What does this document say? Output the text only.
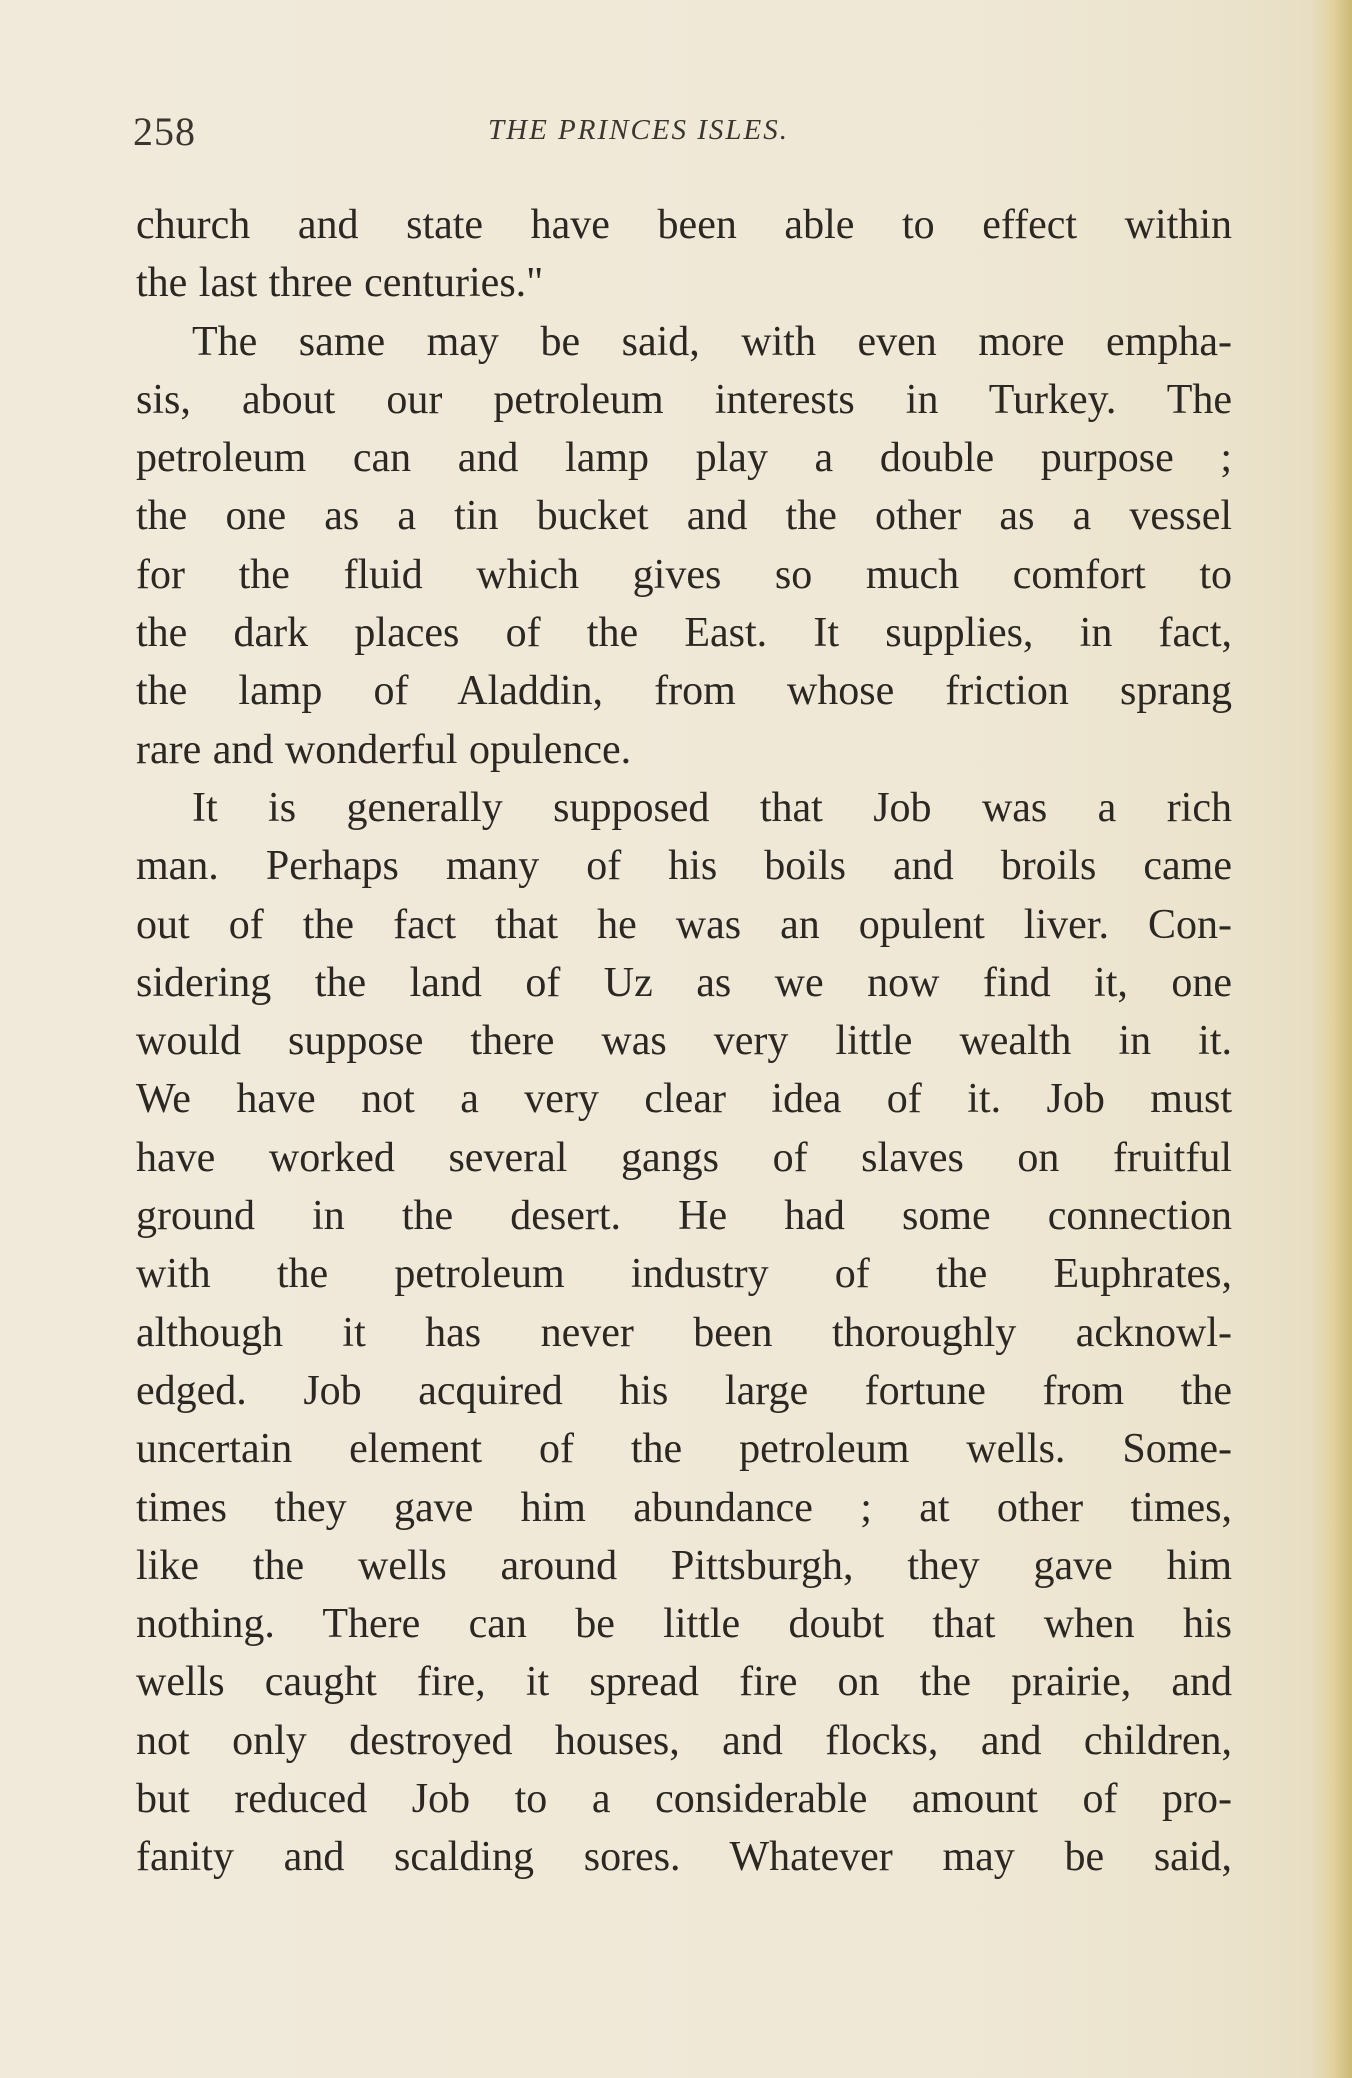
258	THE PRINCES ISLES.
church and state have been able to effect within
the last three centuries."
The same may be said, with even more empha-
sis, about our petroleum interests in Turkey. The
petroleum can and lamp play a double purpose ;
the one as a tin bucket and the other as a vessel
for the fluid which gives so much comfort to
the dark places of the East. It supplies, in fact,
the lamp of Aladdin, from whose friction sprang
rare and wonderful opulence.
It is generally supposed that Job was a rich
man. Perhaps many of his boils and broils came
out of the fact that he was an opulent liver. Con-
sidering the land of Uz as we now find it, one
would suppose there was very little wealth in it.
We have not a very clear idea of it. Job must
have worked several gangs of slaves on fruitful
ground in the desert. He had some connection
with the petroleum industry of the Euphrates,
although it has never been thoroughly acknowl-
edged. Job acquired his large fortune from the
uncertain element of the petroleum wells. Some-
times they gave him abundance ; at other times,
like the wells around Pittsburgh, they gave him
nothing. There can be little doubt that when his
wells caught fire, it spread fire on the prairie, and
not only destroyed houses, and flocks, and children,
but reduced Job to a considerable amount of pro-
fanity and scalding sores. Whatever may be said,
